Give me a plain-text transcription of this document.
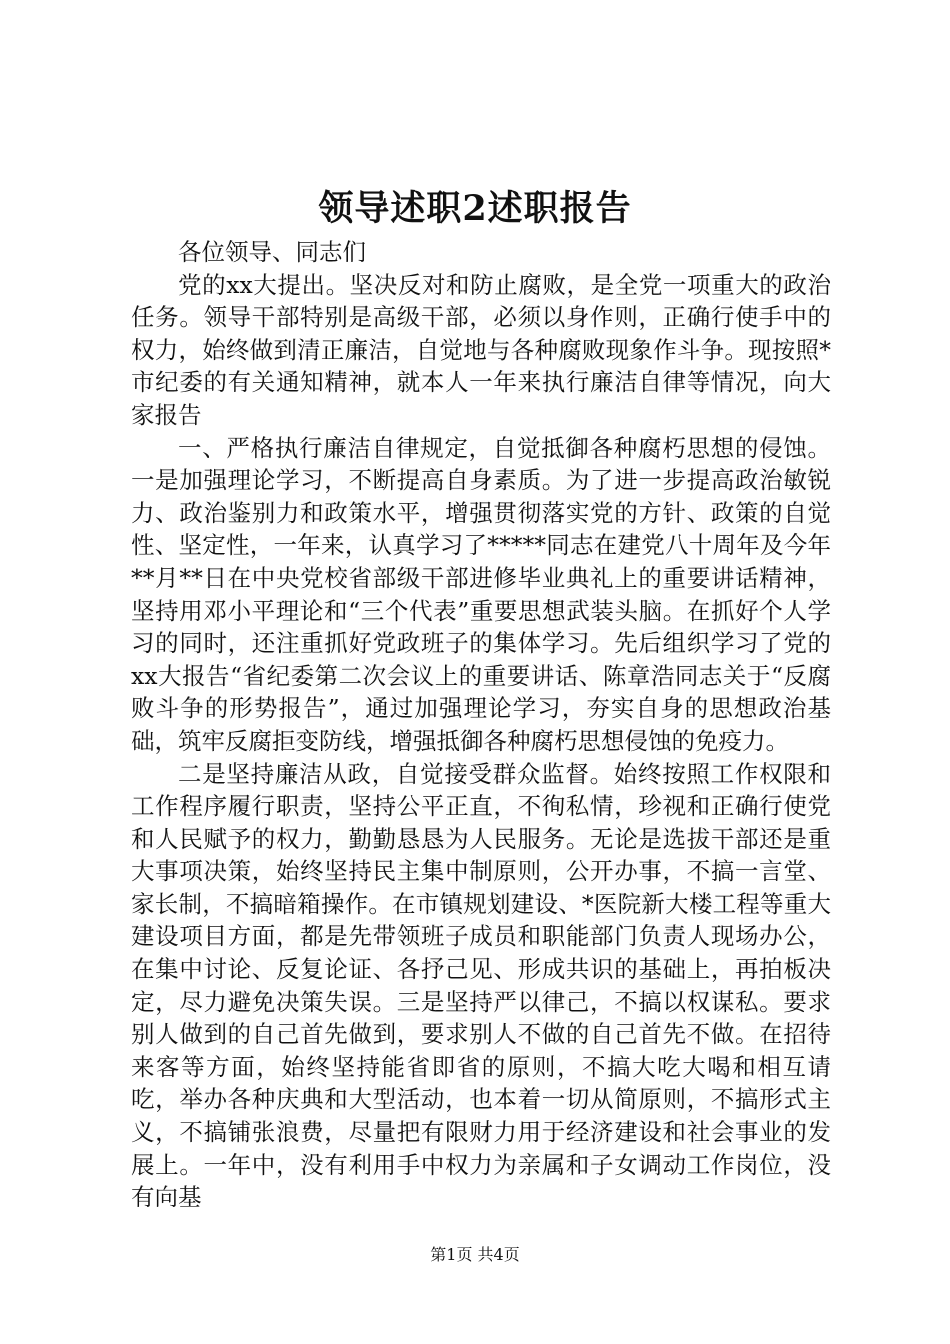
领导述职2述职报告

各位领导、同志们

党的xx大提出。坚决反对和防止腐败，是全党一项重大的政治任务。领导干部特别是高级干部，必须以身作则，正确行使手中的权力，始终做到清正廉洁，自觉地与各种腐败现象作斗争。现按照*市纪委的有关通知精神，就本人一年来执行廉洁自律等情况，向大家报告

一、严格执行廉洁自律规定，自觉抵御各种腐朽思想的侵蚀。一是加强理论学习，不断提高自身素质。为了进一步提高政治敏锐力、政治鉴别力和政策水平，增强贯彻落实党的方针、政策的自觉性、坚定性，一年来，认真学习了*****同志在建党八十周年及今年**月**日在中央党校省部级干部进修毕业典礼上的重要讲话精神，坚持用邓小平理论和“三个代表”重要思想武装头脑。在抓好个人学习的同时，还注重抓好党政班子的集体学习。先后组织学习了党的xx大报告“省纪委第二次会议上的重要讲话、陈章浩同志关于“反腐败斗争的形势报告”，通过加强理论学习，夯实自身的思想政治基础，筑牢反腐拒变防线，增强抵御各种腐朽思想侵蚀的免疫力。

二是坚持廉洁从政，自觉接受群众监督。始终按照工作权限和工作程序履行职责，坚持公平正直，不徇私情，珍视和正确行使党和人民赋予的权力，勤勤恳恳为人民服务。无论是选拔干部还是重大事项决策，始终坚持民主集中制原则，公开办事，不搞一言堂、家长制，不搞暗箱操作。在市镇规划建设、*医院新大楼工程等重大建设项目方面，都是先带领班子成员和职能部门负责人现场办公，在集中讨论、反复论证、各抒己见、形成共识的基础上，再拍板决定，尽力避免决策失误。三是坚持严以律己，不搞以权谋私。要求别人做到的自己首先做到，要求别人不做的自己首先不做。在招待来客等方面，始终坚持能省即省的原则，不搞大吃大喝和相互请吃，举办各种庆典和大型活动，也本着一切从简原则，不搞形式主义，不搞铺张浪费，尽量把有限财力用于经济建设和社会事业的发展上。一年中，没有利用手中权力为亲属和子女调动工作岗位，没有向基

第1页 共4页
